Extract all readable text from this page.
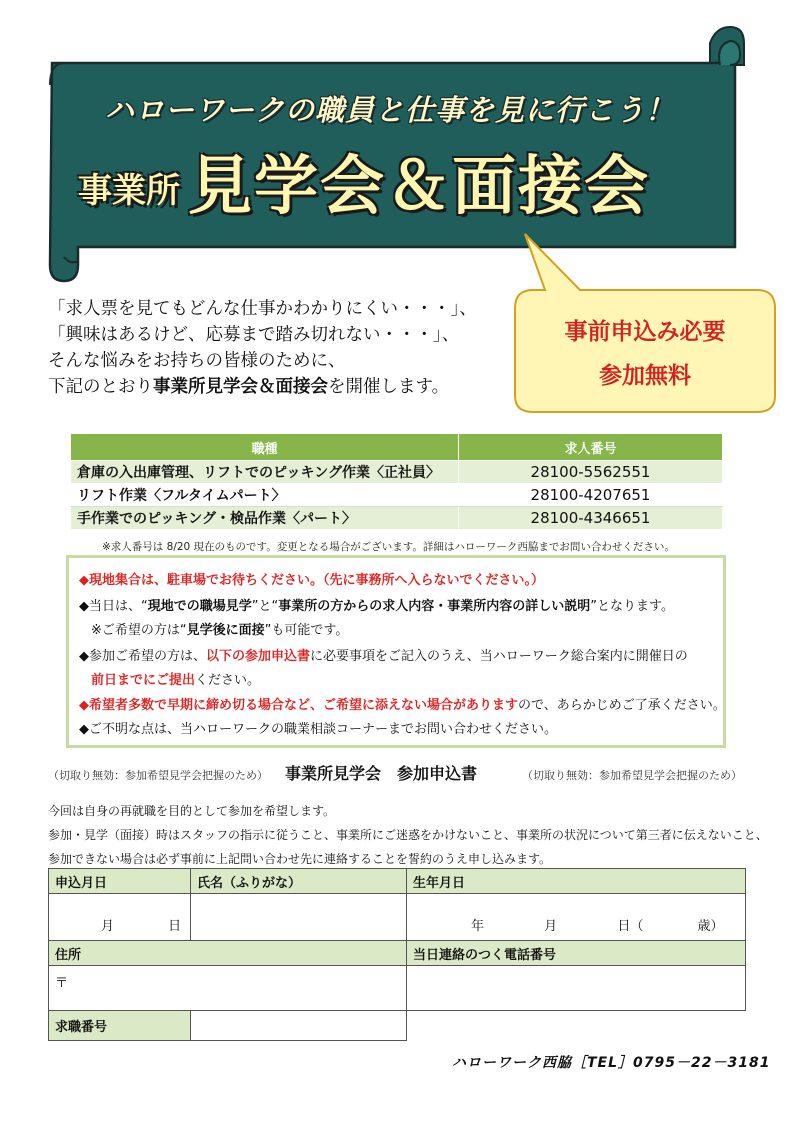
ハローワークの職員と仕事を見に行こう！
事業所 見学会＆面接会
「求人票を見てもどんな仕事かわかりにくい・・・」、
「興味はあるけど、応募まで踏み切れない・・・」、
そんな悩みをお持ちの皆様のために、
下記のとおり事業所見学会＆面接会を開催します。
事前申込み必要
参加無料
職種	求人番号
倉庫の入出庫管理、リフトでのピッキング作業〈正社員〉	28100-5562551
リフト作業〈フルタイムパート〉	28100-4207651
手作業でのピッキング・検品作業〈パート〉	28100-4346651
※求人番号は 8/20 現在のものです。変更となる場合がございます。詳細はハローワーク西脇までお問い合わせください。
◆現地集合は、駐車場でお待ちください。（先に事務所へ入らないでください。）
◆当日は、“現地での職場見学”と“事業所の方からの求人内容・事業所内容の詳しい説明”となります。
※ご希望の方は“見学後に面接”も可能です。
◆参加ご希望の方は、以下の参加申込書に必要事項をご記入のうえ、当ハローワーク総合案内に開催日の
前日までにご提出ください。
◆希望者多数で早期に締め切る場合など、ご希望に添えない場合がありますので、あらかじめご了承ください。
◆ご不明な点は、当ハローワークの職業相談コーナーまでお問い合わせください。
（切取り無効：参加希望見学会把握のため） 事業所見学会　参加申込書	（切取り無効：参加希望見学会把握のため）
今回は自身の再就職を目的として参加を希望します。
参加・見学（面接）時はスタッフの指示に従うこと、事業所にご迷惑をかけないこと、事業所の状況について第三者に伝えないこと、
参加できない場合は必ず事前に上記問い合わせ先に連絡することを誓約のうえ申し込みます。
申込月日	氏名（ふりがな）	生年月日
月 日		年 月 日（ 歳）
住所		当日連絡のつく電話番号
〒		
求職番号		
ハローワーク西脇［TEL］0795－22－3181
